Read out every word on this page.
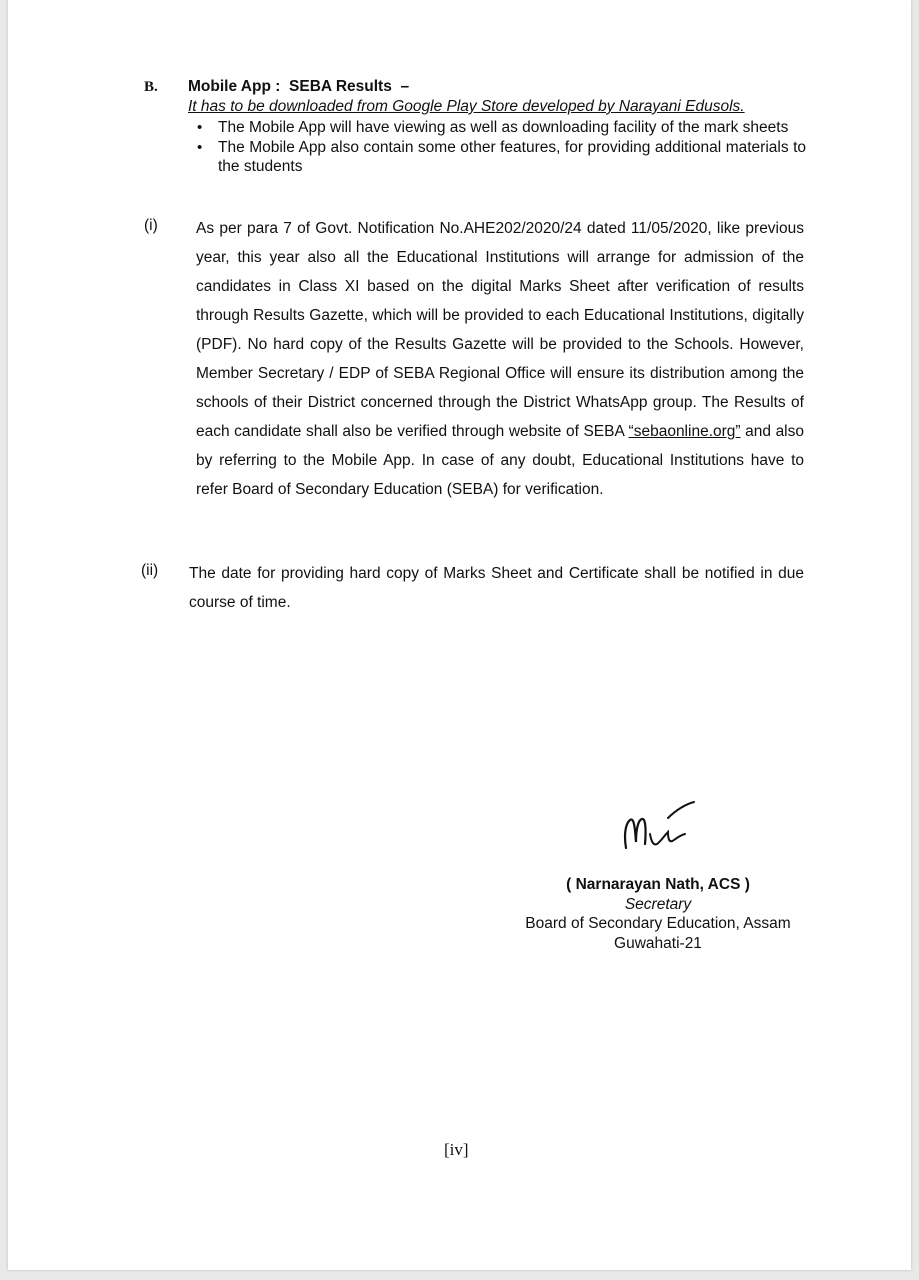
B. Mobile App : SEBA Results –
It has to be downloaded from Google Play Store developed by Narayani Edusols.
• The Mobile App will have viewing as well as downloading facility of the mark sheets
• The Mobile App also contain some other features, for providing additional materials to the students
(i) As per para 7 of Govt. Notification No.AHE202/2020/24 dated 11/05/2020, like previous year, this year also all the Educational Institutions will arrange for admission of the candidates in Class XI based on the digital Marks Sheet after verification of results through Results Gazette, which will be provided to each Educational Institutions, digitally (PDF). No hard copy of the Results Gazette will be provided to the Schools. However, Member Secretary / EDP of SEBA Regional Office will ensure its distribution among the schools of their District concerned through the District WhatsApp group. The Results of each candidate shall also be verified through website of SEBA “sebaonline.org” and also by referring to the Mobile App. In case of any doubt, Educational Institutions have to refer Board of Secondary Education (SEBA) for verification.
(ii) The date for providing hard copy of Marks Sheet and Certificate shall be notified in due course of time.
( Narnarayan Nath, ACS )
Secretary
Board of Secondary Education, Assam
Guwahati-21
[iv]
